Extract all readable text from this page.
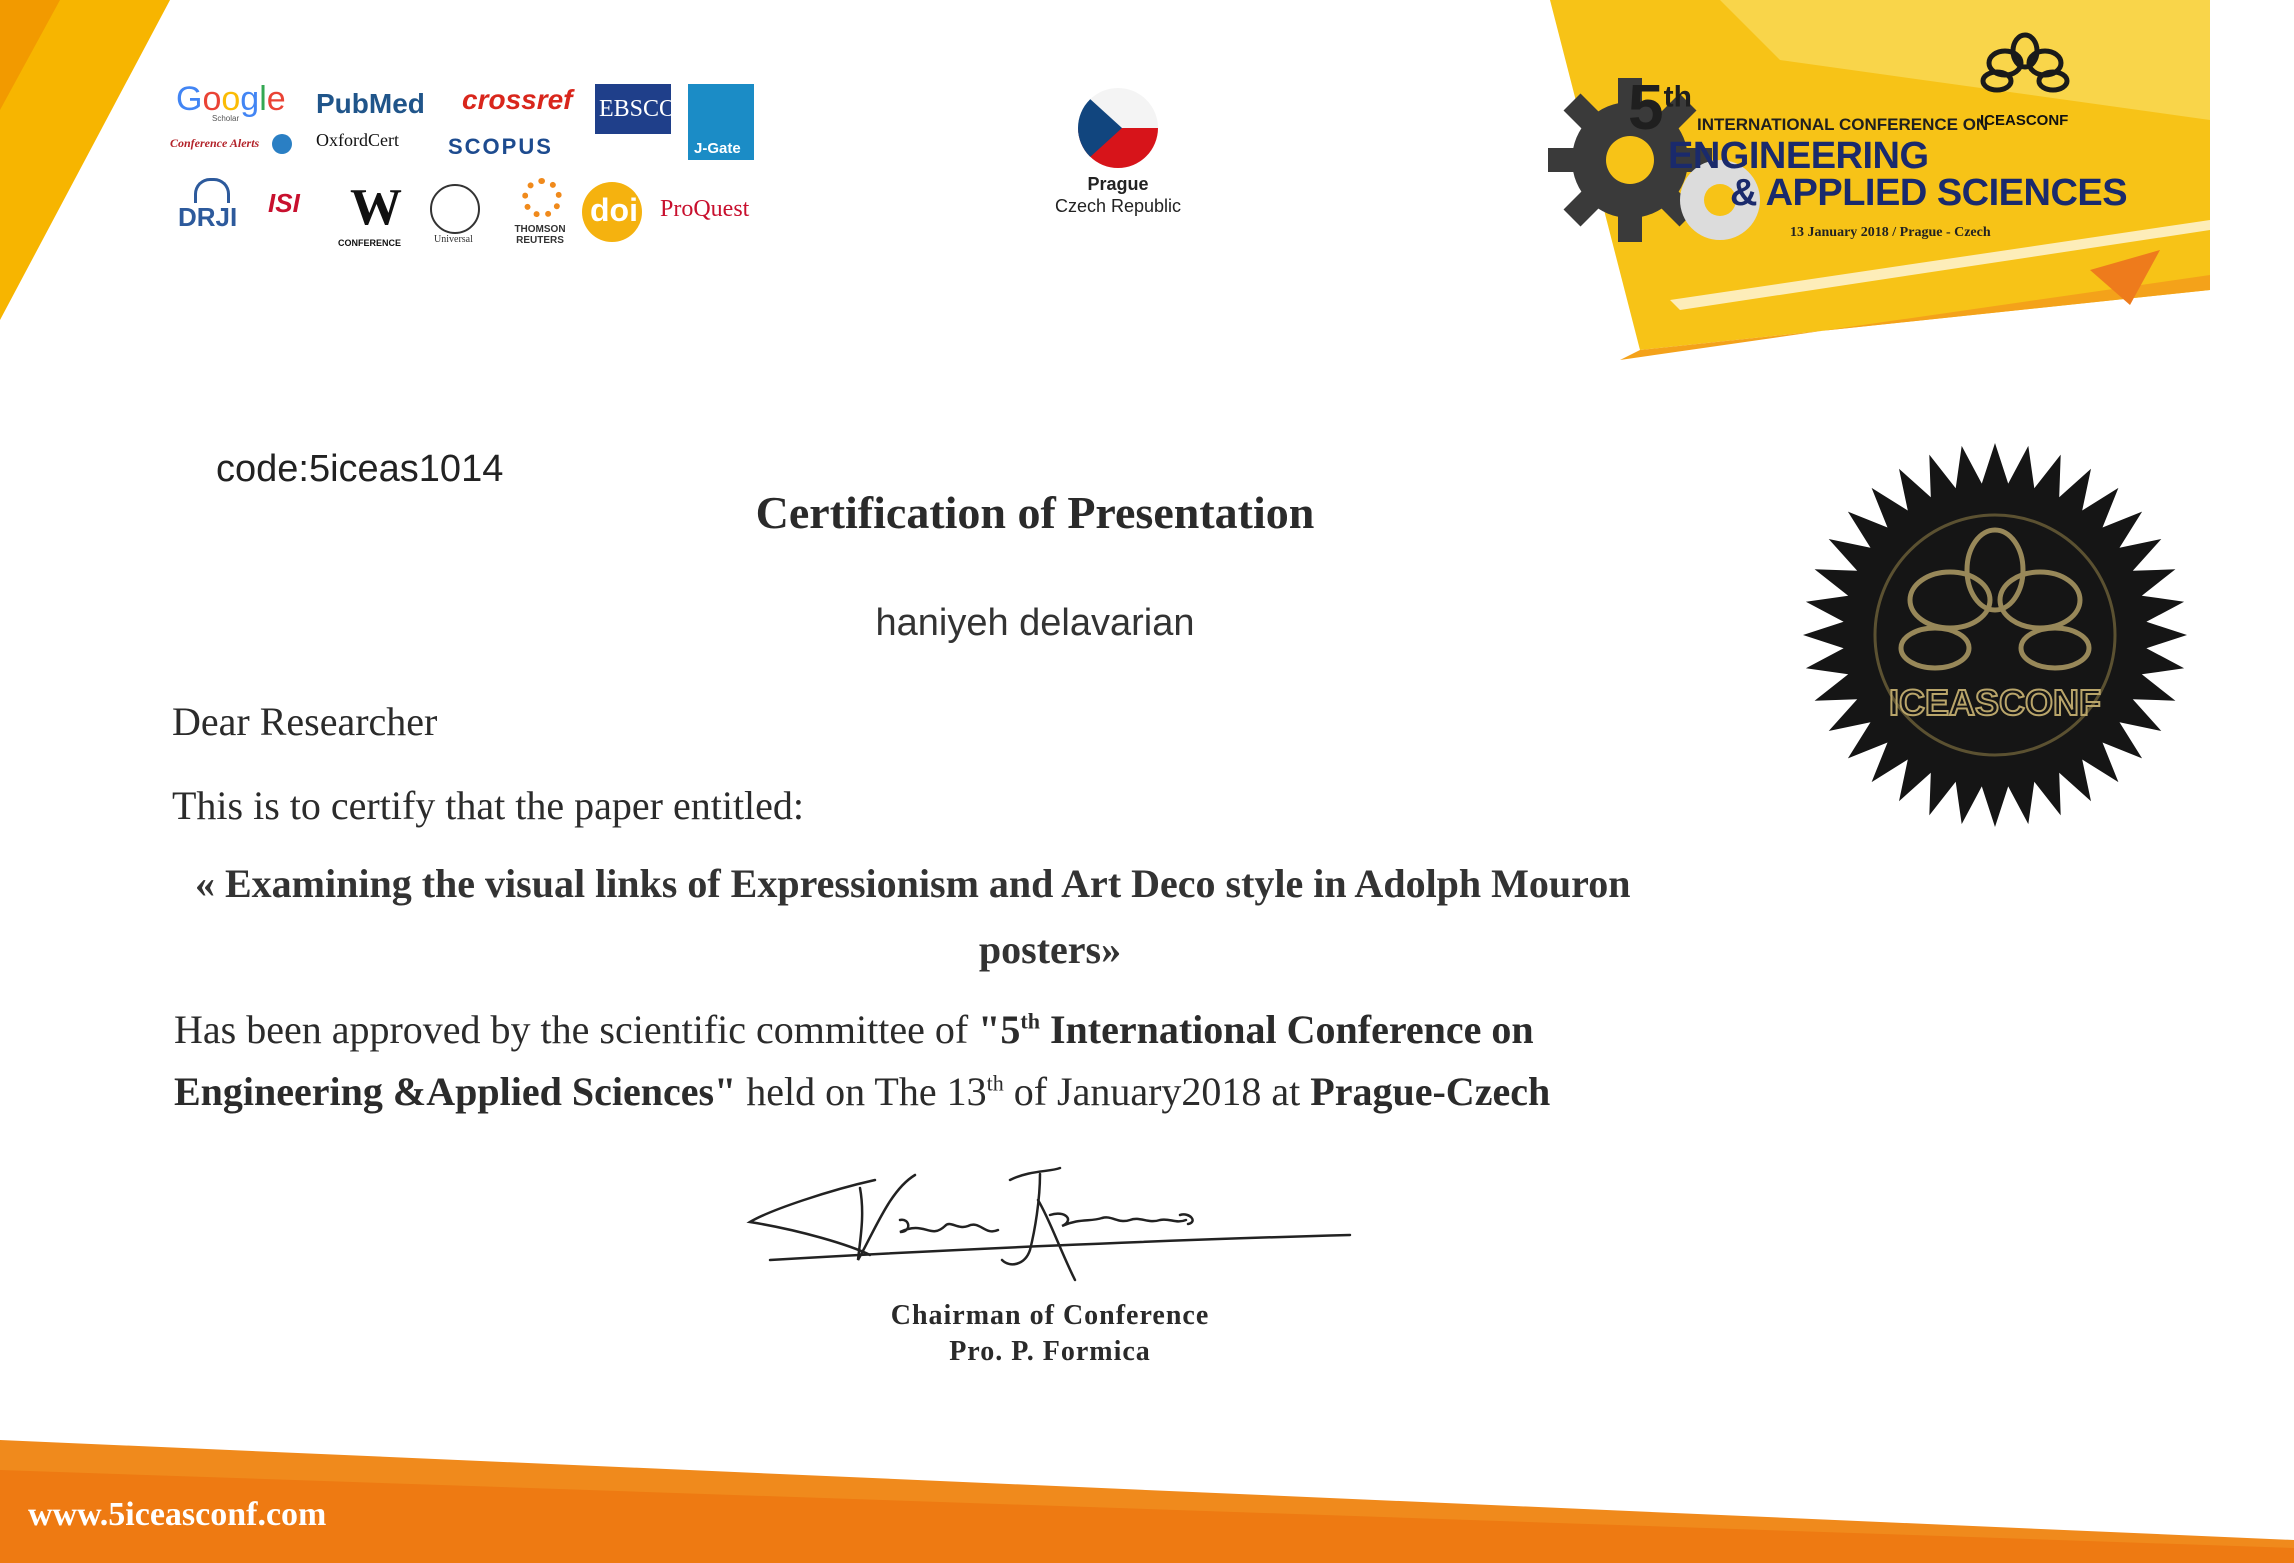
Google
Scholar
Conference Alerts
PubMed
OxfordCert
crossref
SCOPUS
EBSCO
J-Gate
DRJI ISI W
CONFERENCE	Universal
THOMSON REUTERS
doi ProQuest
Prague
Czech Republic
5th
INTERNATIONAL CONFERENCE ON
ICEASCONF
ENGINEERING
& APPLIED SCIENCES
13 January 2018 / Prague - Czech
code:5iceas1014
Certification of Presentation
haniyeh delavarian
Dear Researcher
This is to certify that the paper entitled:
« Examining the visual links of Expressionism and Art Deco style in Adolph Mouron
posters»
Has been approved by the scientific committee of "5th International Conference on
Engineering &Applied Sciences" held on The 13th of January2018 at Prague-Czech
Chairman of Conference
Pro. P. Formica
ICEASCONF
www.5iceasconf.com
